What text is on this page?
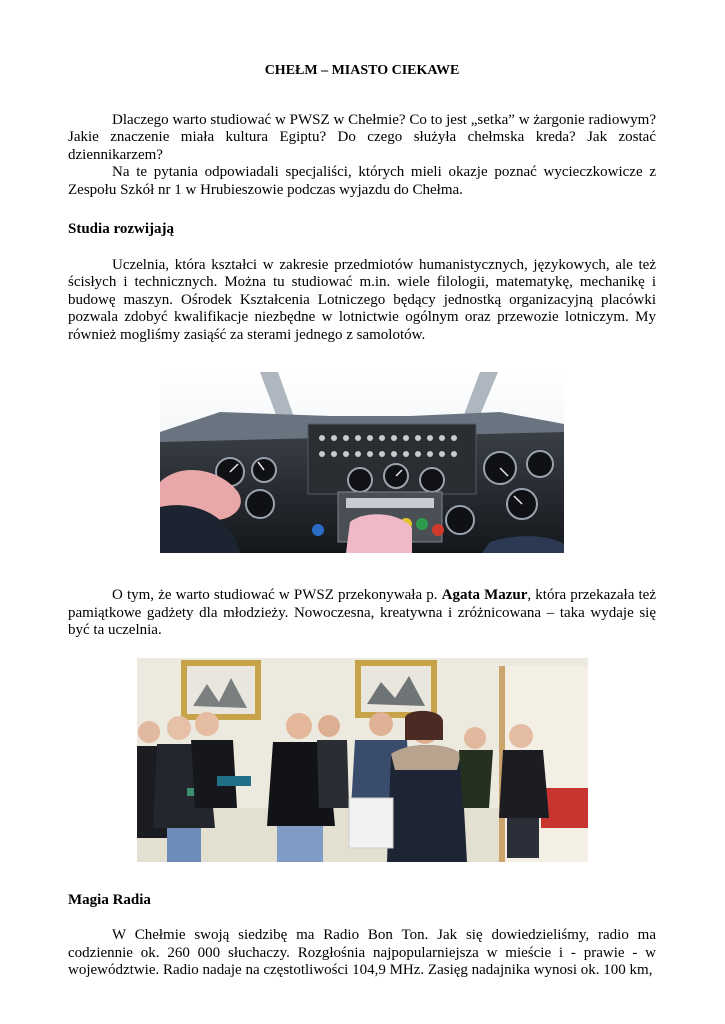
CHEŁM – MIASTO CIEKAWE

Dlaczego warto studiować w PWSZ w Chełmie? Co to jest „setka” w żargonie radiowym? Jakie znaczenie miała kultura Egiptu? Do czego służyła chełmska kreda? Jak zostać dziennikarzem?

Na te pytania odpowiadali specjaliści, których mieli okazje poznać wycieczkowicze z Zespołu Szkół nr 1 w Hrubieszowie podczas wyjazdu do Chełma.

Studia rozwijają

Uczelnia, która kształci w zakresie przedmiotów humanistycznych, językowych, ale też ścisłych i technicznych. Można tu studiować m.in. wiele filologii, matematykę, mechanikę i budowę maszyn. Ośrodek Kształcenia Lotniczego będący jednostką organizacyjną placówki pozwala zdobyć kwalifikacje niezbędne w lotnictwie ogólnym oraz przewozie lotniczym. My również mogliśmy zasiąść za sterami jednego z samolotów.

O tym, że warto studiować w PWSZ przekonywała p. Agata Mazur, która przekazała też pamiątkowe gadżety dla młodzieży. Nowoczesna, kreatywna i zróżnicowana – taka wydaje się być ta uczelnia.

Magia Radia

W Chełmie swoją siedzibę ma Radio Bon Ton. Jak się dowiedzieliśmy, radio ma codziennie ok. 260 000 słuchaczy. Rozgłośnia najpopularniejsza w mieście i - prawie - w województwie. Radio nadaje na częstotliwości 104,9 MHz. Zasięg nadajnika wynosi ok. 100 km,
